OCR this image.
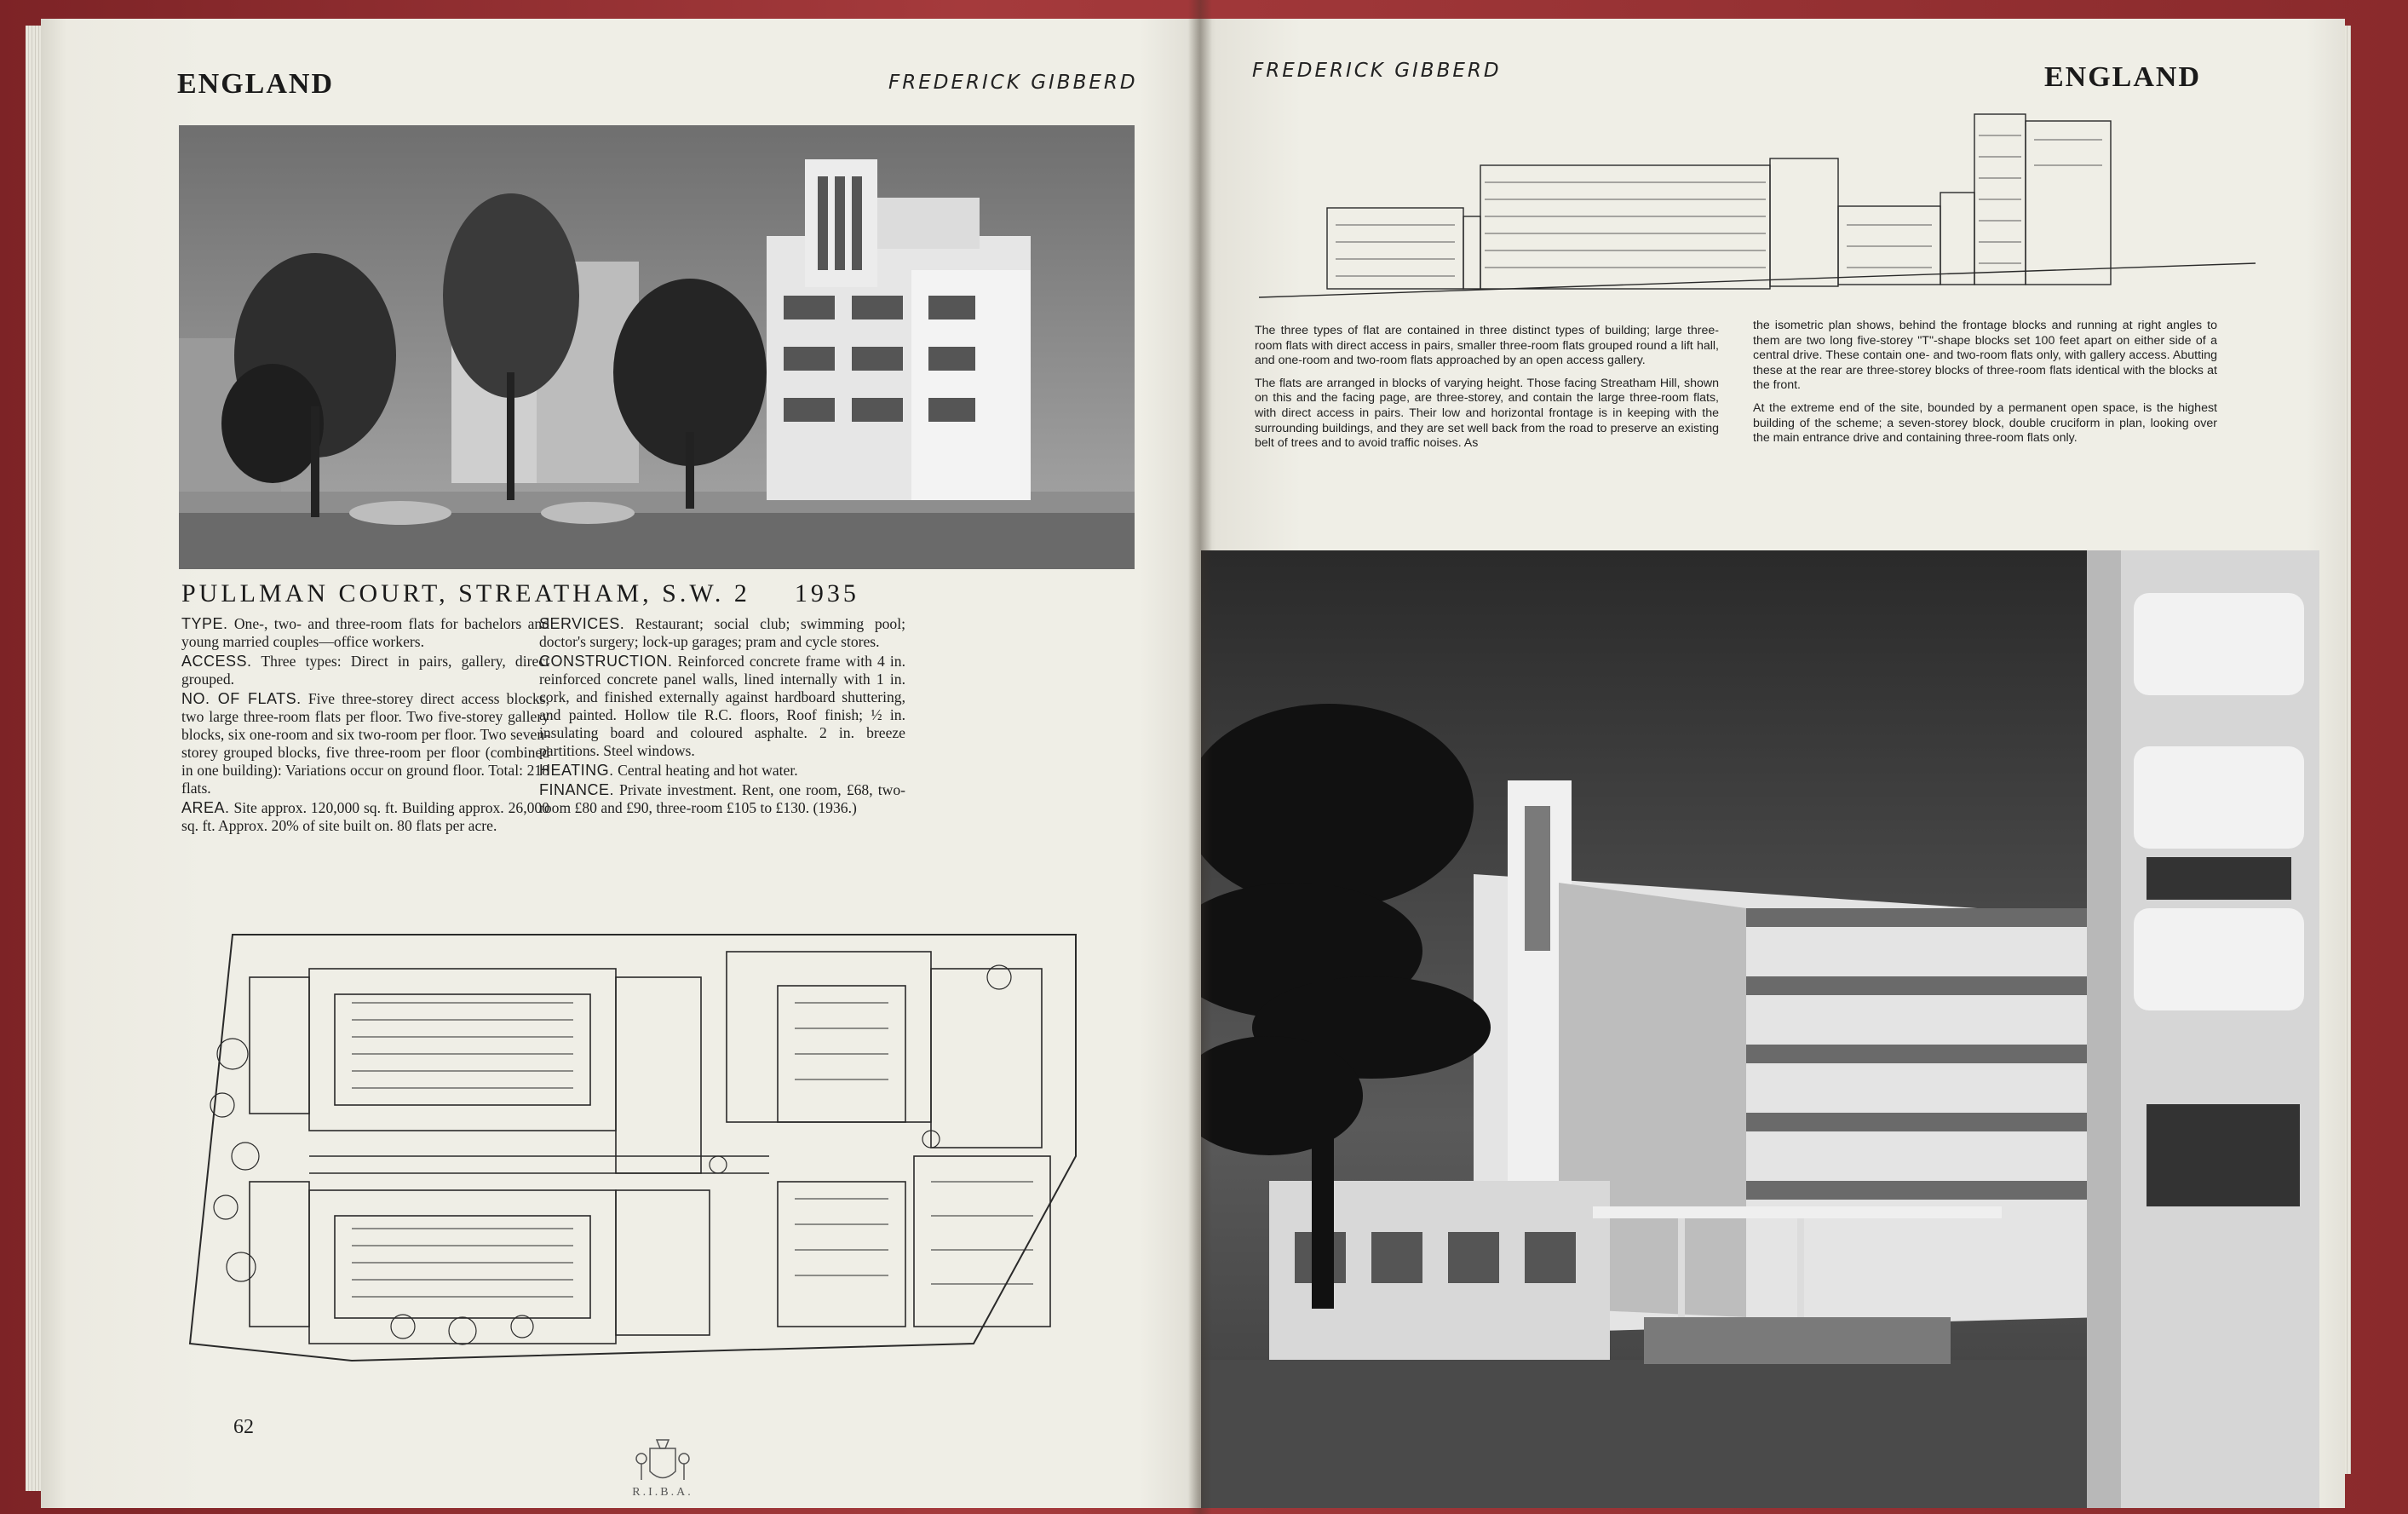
ENGLAND	FREDERICK GIBBERD
PULLMAN COURT, STREATHAM, S.W. 2 1935

TYPE. One-, two- and three-room flats for bachelors and young married couples—office workers.

ACCESS. Three types: Direct in pairs, gallery, direct grouped.

NO. OF FLATS. Five three-storey direct access blocks, two large three-room flats per floor. Two five-storey gallery blocks, six one-room and six two-room per floor. Two seven-storey grouped blocks, five three-room per floor (combined in one building): Variations occur on ground floor. Total: 218 flats.

AREA. Site approx. 120,000 sq. ft. Building approx. 26,000 sq. ft. Approx. 20% of site built on. 80 flats per acre.

SERVICES. Restaurant; social club; swimming pool; doctor's surgery; lock-up garages; pram and cycle stores.

CONSTRUCTION. Reinforced concrete frame with 4 in. reinforced concrete panel walls, lined internally with 1 in. cork, and finished externally against hardboard shuttering, and painted. Hollow tile R.C. floors, Roof finish; ½ in. insulating board and coloured asphalte. 2 in. breeze partitions. Steel windows.

HEATING. Central heating and hot water.

FINANCE. Private investment. Rent, one room, £68, two-room £80 and £90, three-room £105 to £130. (1936.)

62
R.I.B.A.
FREDERICK GIBBERD	ENGLAND

The three types of flat are contained in three distinct types of building; large three-room flats with direct access in pairs, smaller three-room flats grouped round a lift hall, and one-room and two-room flats approached by an open access gallery.

The flats are arranged in blocks of varying height. Those facing Streatham Hill, shown on this and the facing page, are three-storey, and contain the large three-room flats, with direct access in pairs. Their low and horizontal frontage is in keeping with the surrounding buildings, and they are set well back from the road to preserve an existing belt of trees and to avoid traffic noises. As

the isometric plan shows, behind the frontage blocks and running at right angles to them are two long five-storey "T"-shape blocks set 100 feet apart on either side of a central drive. These contain one- and two-room flats only, with gallery access. Abutting these at the rear are three-storey blocks of three-room flats identical with the blocks at the front.

At the extreme end of the site, bounded by a permanent open space, is the highest building of the scheme; a seven-storey block, double cruciform in plan, looking over the main entrance drive and containing three-room flats only.
